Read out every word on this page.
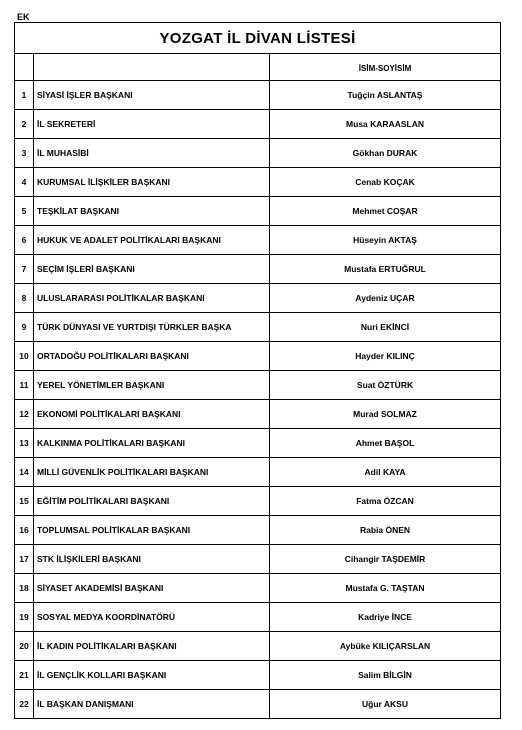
EK
YOZGAT İL DİVAN LİSTESİ		
		İSİM-SOYİSİM
1	SİYASİ İŞLER BAŞKANI	Tuğçin ASLANTAŞ
2	İL SEKRETERİ	Musa KARAASLAN
3	İL MUHASİBİ	Gökhan DURAK
4	KURUMSAL İLİŞKİLER BAŞKANI	Cenab KOÇAK
5	TEŞKİLAT BAŞKANI	Mehmet COŞAR
6	HUKUK VE ADALET POLİTİKALARI BAŞKANI	Hüseyin AKTAŞ
7	SEÇİM İŞLERİ BAŞKANI	Mustafa ERTUĞRUL
8	ULUSLARARASI POLİTİKALAR BAŞKANI	Aydeniz UÇAR
9	TÜRK DÜNYASI VE YURTDIŞI TÜRKLER BAŞKA	Nuri EKİNCİ
10	ORTADOĞU POLİTİKALARI BAŞKANI	Hayder KILINÇ
11	YEREL YÖNETİMLER BAŞKANI	Suat ÖZTÜRK
12	EKONOMİ POLİTİKALARI BAŞKANI	Murad SOLMAZ
13	KALKINMA POLİTİKALARI BAŞKANI	Ahmet BAŞOL
14	MİLLİ GÜVENLİK POLİTİKALARI BAŞKANI	Adil KAYA
15	EĞİTİM POLİTİKALARI BAŞKANI	Fatma ÖZCAN
16	TOPLUMSAL POLİTİKALAR BAŞKANI	Rabia ÖNEN
17	STK İLİŞKİLERİ BAŞKANI	Cihangir TAŞDEMİR
18	SİYASET AKADEMİSİ BAŞKANI	Mustafa G. TAŞTAN
19	SOSYAL MEDYA KOORDİNATÖRÜ	Kadriye İNCE
20	İL KADIN POLİTİKALARI BAŞKANI	Aybüke KILIÇARSLAN
21	İL GENÇLİK KOLLARI BAŞKANI	Salim BİLGİN
22	İL BAŞKAN DANIŞMANI	Uğur AKSU
